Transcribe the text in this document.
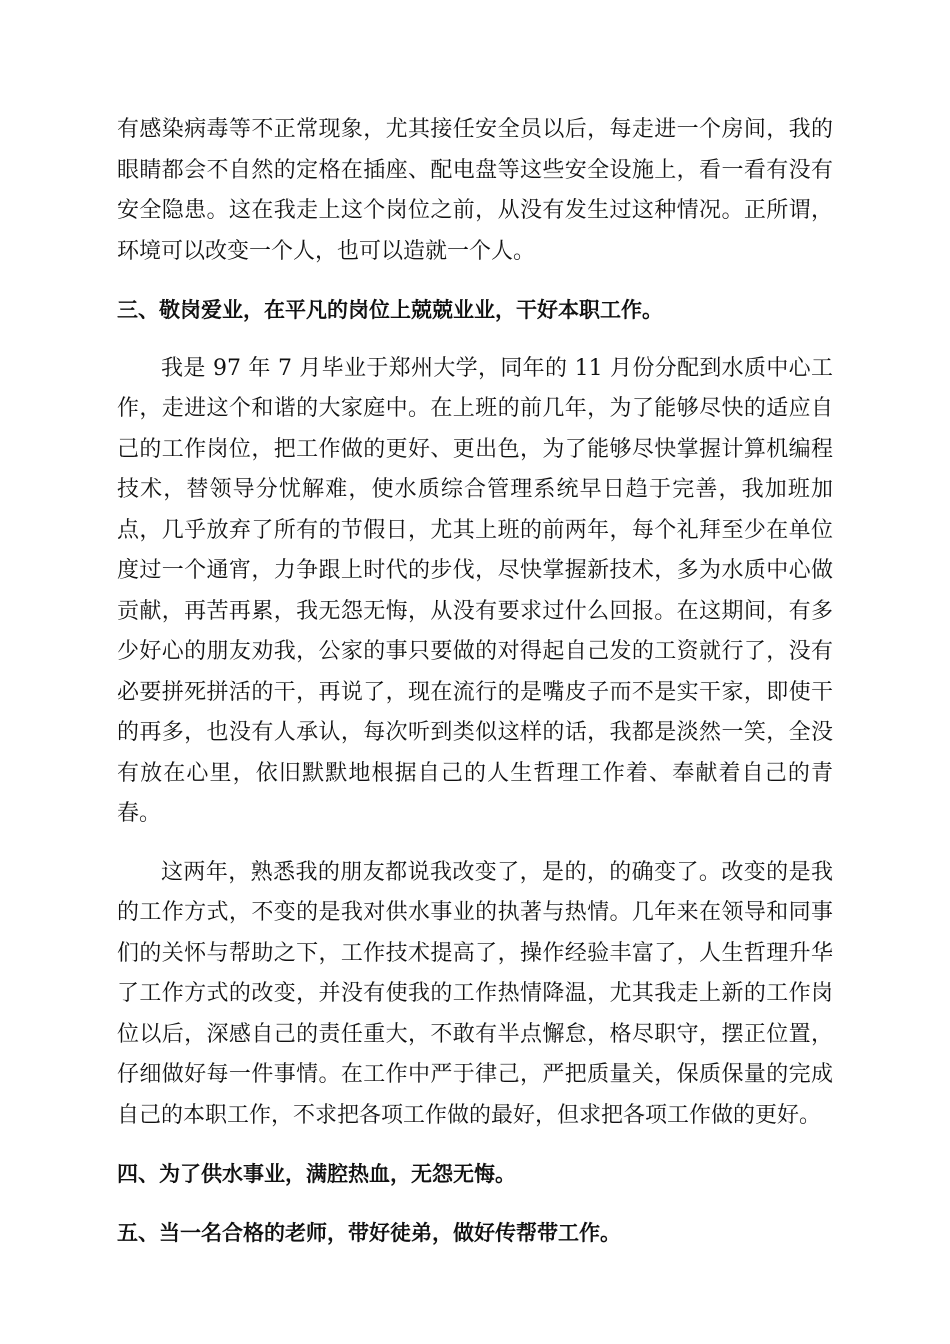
有感染病毒等不正常现象，尤其接任安全员以后，每走进一个房间，我的眼睛都会不自然的定格在插座、配电盘等这些安全设施上，看一看有没有安全隐患。这在我走上这个岗位之前，从没有发生过这种情况。正所谓，环境可以改变一个人，也可以造就一个人。

三、敬岗爱业，在平凡的岗位上兢兢业业，干好本职工作。

我是 97 年 7 月毕业于郑州大学，同年的 11 月份分配到水质中心工作，走进这个和谐的大家庭中。在上班的前几年，为了能够尽快的适应自己的工作岗位，把工作做的更好、更出色，为了能够尽快掌握计算机编程技术，替领导分忧解难，使水质综合管理系统早日趋于完善，我加班加点，几乎放弃了所有的节假日，尤其上班的前两年，每个礼拜至少在单位度过一个通宵，力争跟上时代的步伐，尽快掌握新技术，多为水质中心做贡献，再苦再累，我无怨无悔，从没有要求过什么回报。在这期间，有多少好心的朋友劝我，公家的事只要做的对得起自己发的工资就行了，没有必要拼死拼活的干，再说了，现在流行的是嘴皮子而不是实干家，即使干的再多，也没有人承认，每次听到类似这样的话，我都是淡然一笑，全没有放在心里，依旧默默地根据自己的人生哲理工作着、奉献着自己的青春。

这两年，熟悉我的朋友都说我改变了，是的，的确变了。改变的是我的工作方式，不变的是我对供水事业的执著与热情。几年来在领导和同事们的关怀与帮助之下，工作技术提高了，操作经验丰富了，人生哲理升华了工作方式的改变，并没有使我的工作热情降温，尤其我走上新的工作岗位以后，深感自己的责任重大，不敢有半点懈怠，格尽职守，摆正位置，仔细做好每一件事情。在工作中严于律己，严把质量关，保质保量的完成自己的本职工作，不求把各项工作做的最好，但求把各项工作做的更好。

四、为了供水事业，满腔热血，无怨无悔。

五、当一名合格的老师，带好徒弟，做好传帮带工作。
